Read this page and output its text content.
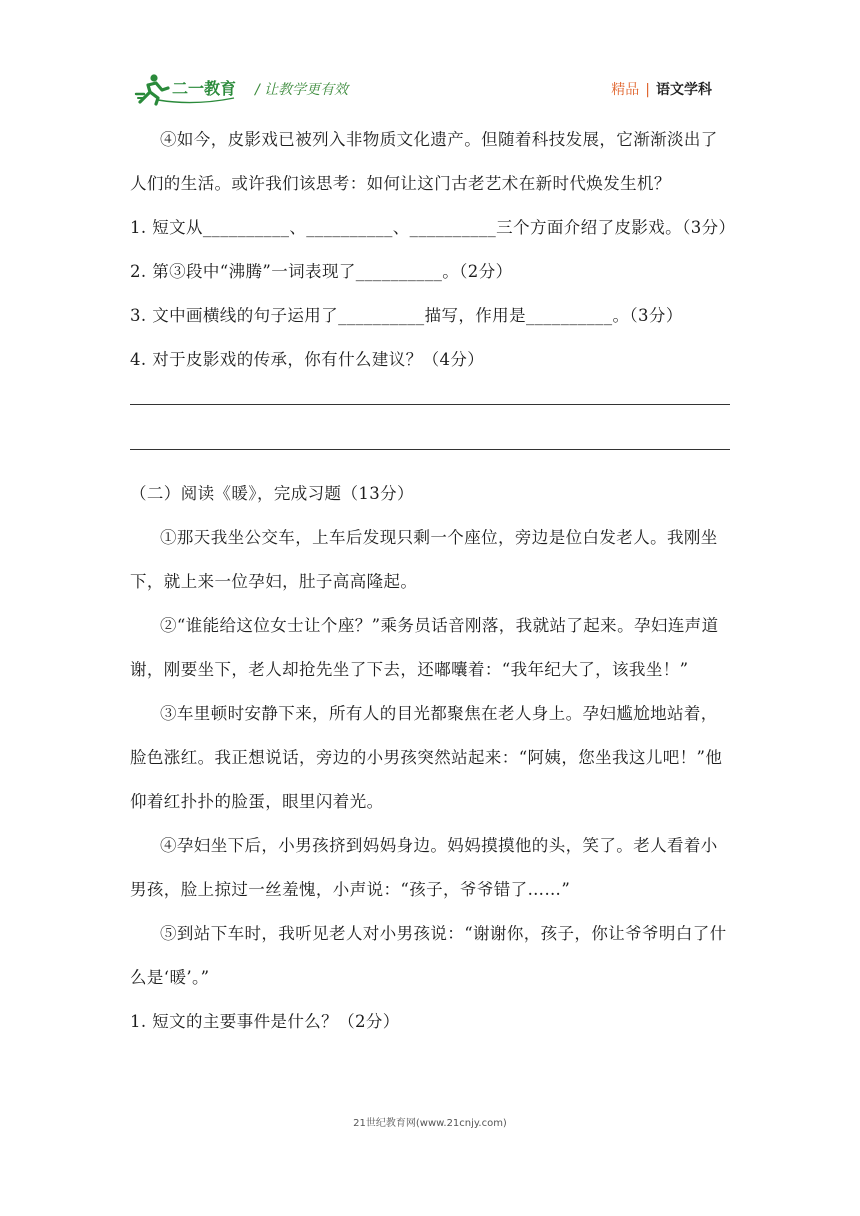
二一教育 / 让教学更有效	精品 | 语文学科

④如今，皮影戏已被列入非物质文化遗产。但随着科技发展，它渐渐淡出了人们的生活。或许我们该思考：如何让这门古老艺术在新时代焕发生机？

1. 短文从__________、__________、__________三个方面介绍了皮影戏。（3分）

2. 第③段中“沸腾”一词表现了__________。（2分）

3. 文中画横线的句子运用了__________描写，作用是__________。（3分）

4. 对于皮影戏的传承，你有什么建议？（4分）

（二）阅读《暖》，完成习题（13分）

①那天我坐公交车，上车后发现只剩一个座位，旁边是位白发老人。我刚坐下，就上来一位孕妇，肚子高高隆起。

②“谁能给这位女士让个座？”乘务员话音刚落，我就站了起来。孕妇连声道谢，刚要坐下，老人却抢先坐了下去，还嘟囔着：“我年纪大了，该我坐！”

③车里顿时安静下来，所有人的目光都聚焦在老人身上。孕妇尴尬地站着，脸色涨红。我正想说话，旁边的小男孩突然站起来：“阿姨，您坐我这儿吧！”他仰着红扑扑的脸蛋，眼里闪着光。

④孕妇坐下后，小男孩挤到妈妈身边。妈妈摸摸他的头，笑了。老人看着小男孩，脸上掠过一丝羞愧，小声说：“孩子，爷爷错了……”

⑤到站下车时，我听见老人对小男孩说：“谢谢你，孩子，你让爷爷明白了什么是‘暖’。”

1. 短文的主要事件是什么？（2分）

21世纪教育网(www.21cnjy.com)
